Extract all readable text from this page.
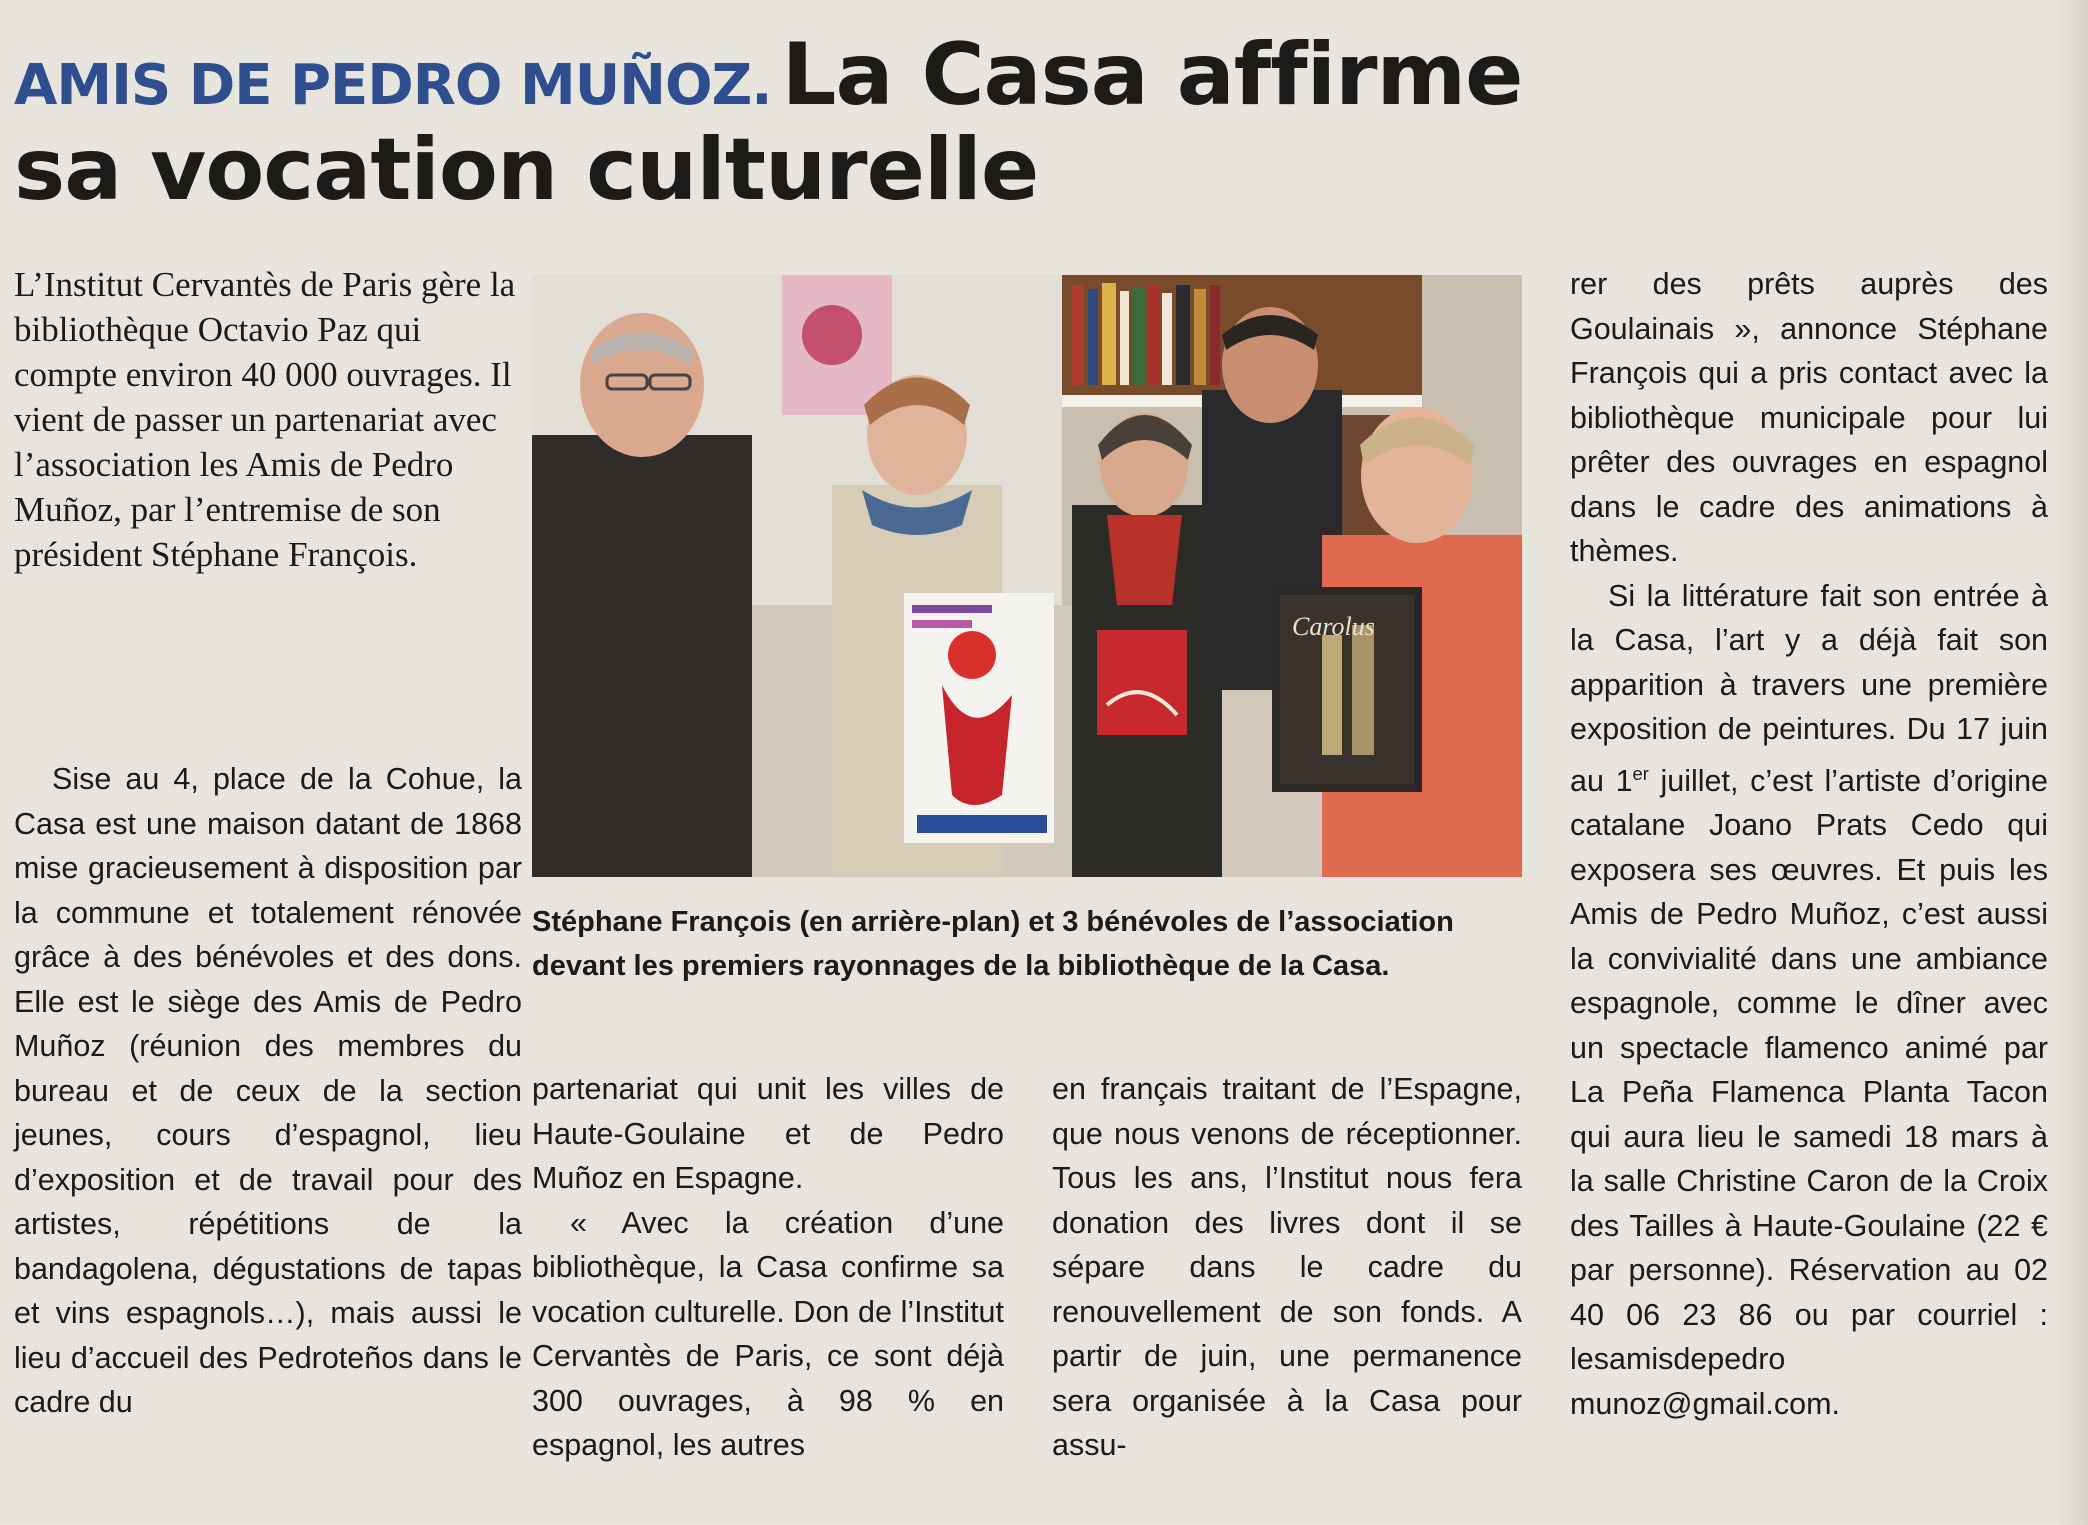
AMIS DE PEDRO MUÑOZ. La Casa affirme
sa vocation culturelle
L’Institut Cervantès de Paris gère la bibliothèque Octavio Paz qui compte environ 40 000 ouvrages. Il vient de passer un partenariat avec l’association les Amis de Pedro Muñoz, par l’entremise de son président Stéphane François.

Sise au 4, place de la Cohue, la Casa est une maison datant de 1868 mise gracieusement à disposition par la commune et totalement rénovée grâce à des bénévoles et des dons. Elle est le siège des Amis de Pedro Muñoz (réunion des membres du bureau et de ceux de la section jeunes, cours d’espagnol, lieu d’exposition et de travail pour des artistes, répétitions de la bandagolena, dégustations de tapas et vins espagnols…), mais aussi le lieu d’accueil des Pedroteños dans le cadre du

Carolus
Stéphane François (en arrière-plan) et 3 bénévoles de l’association devant les premiers rayonnages de la bibliothèque de la Casa.

partenariat qui unit les villes de Haute-Goulaine et de Pedro Muñoz en Espagne.

« Avec la création d’une bibliothèque, la Casa confirme sa vocation culturelle. Don de l’Institut Cervantès de Paris, ce sont déjà 300 ouvrages, à 98 % en espagnol, les autres

en français traitant de l’Espagne, que nous venons de réceptionner. Tous les ans, l’Institut nous fera donation des livres dont il se sépare dans le cadre du renouvellement de son fonds. A partir de juin, une permanence sera organisée à la Casa pour assu-

rer des prêts auprès des Goulainais », annonce Stéphane François qui a pris contact avec la bibliothèque municipale pour lui prêter des ouvrages en espagnol dans le cadre des animations à thèmes.

Si la littérature fait son entrée à la Casa, l’art y a déjà fait son apparition à travers une première exposition de peintures. Du 17 juin au 1er juillet, c’est l’artiste d’origine catalane Joano Prats Cedo qui exposera ses œuvres. Et puis les Amis de Pedro Muñoz, c’est aussi la convivialité dans une ambiance espagnole, comme le dîner avec un spectacle flamenco animé par La Peña Flamenca Planta Tacon qui aura lieu le samedi 18 mars à la salle Christine Caron de la Croix des Tailles à Haute-Goulaine (22 € par personne). Réservation au 02 40 06 23 86 ou par courriel : lesamisdepedro munoz@gmail.com.
